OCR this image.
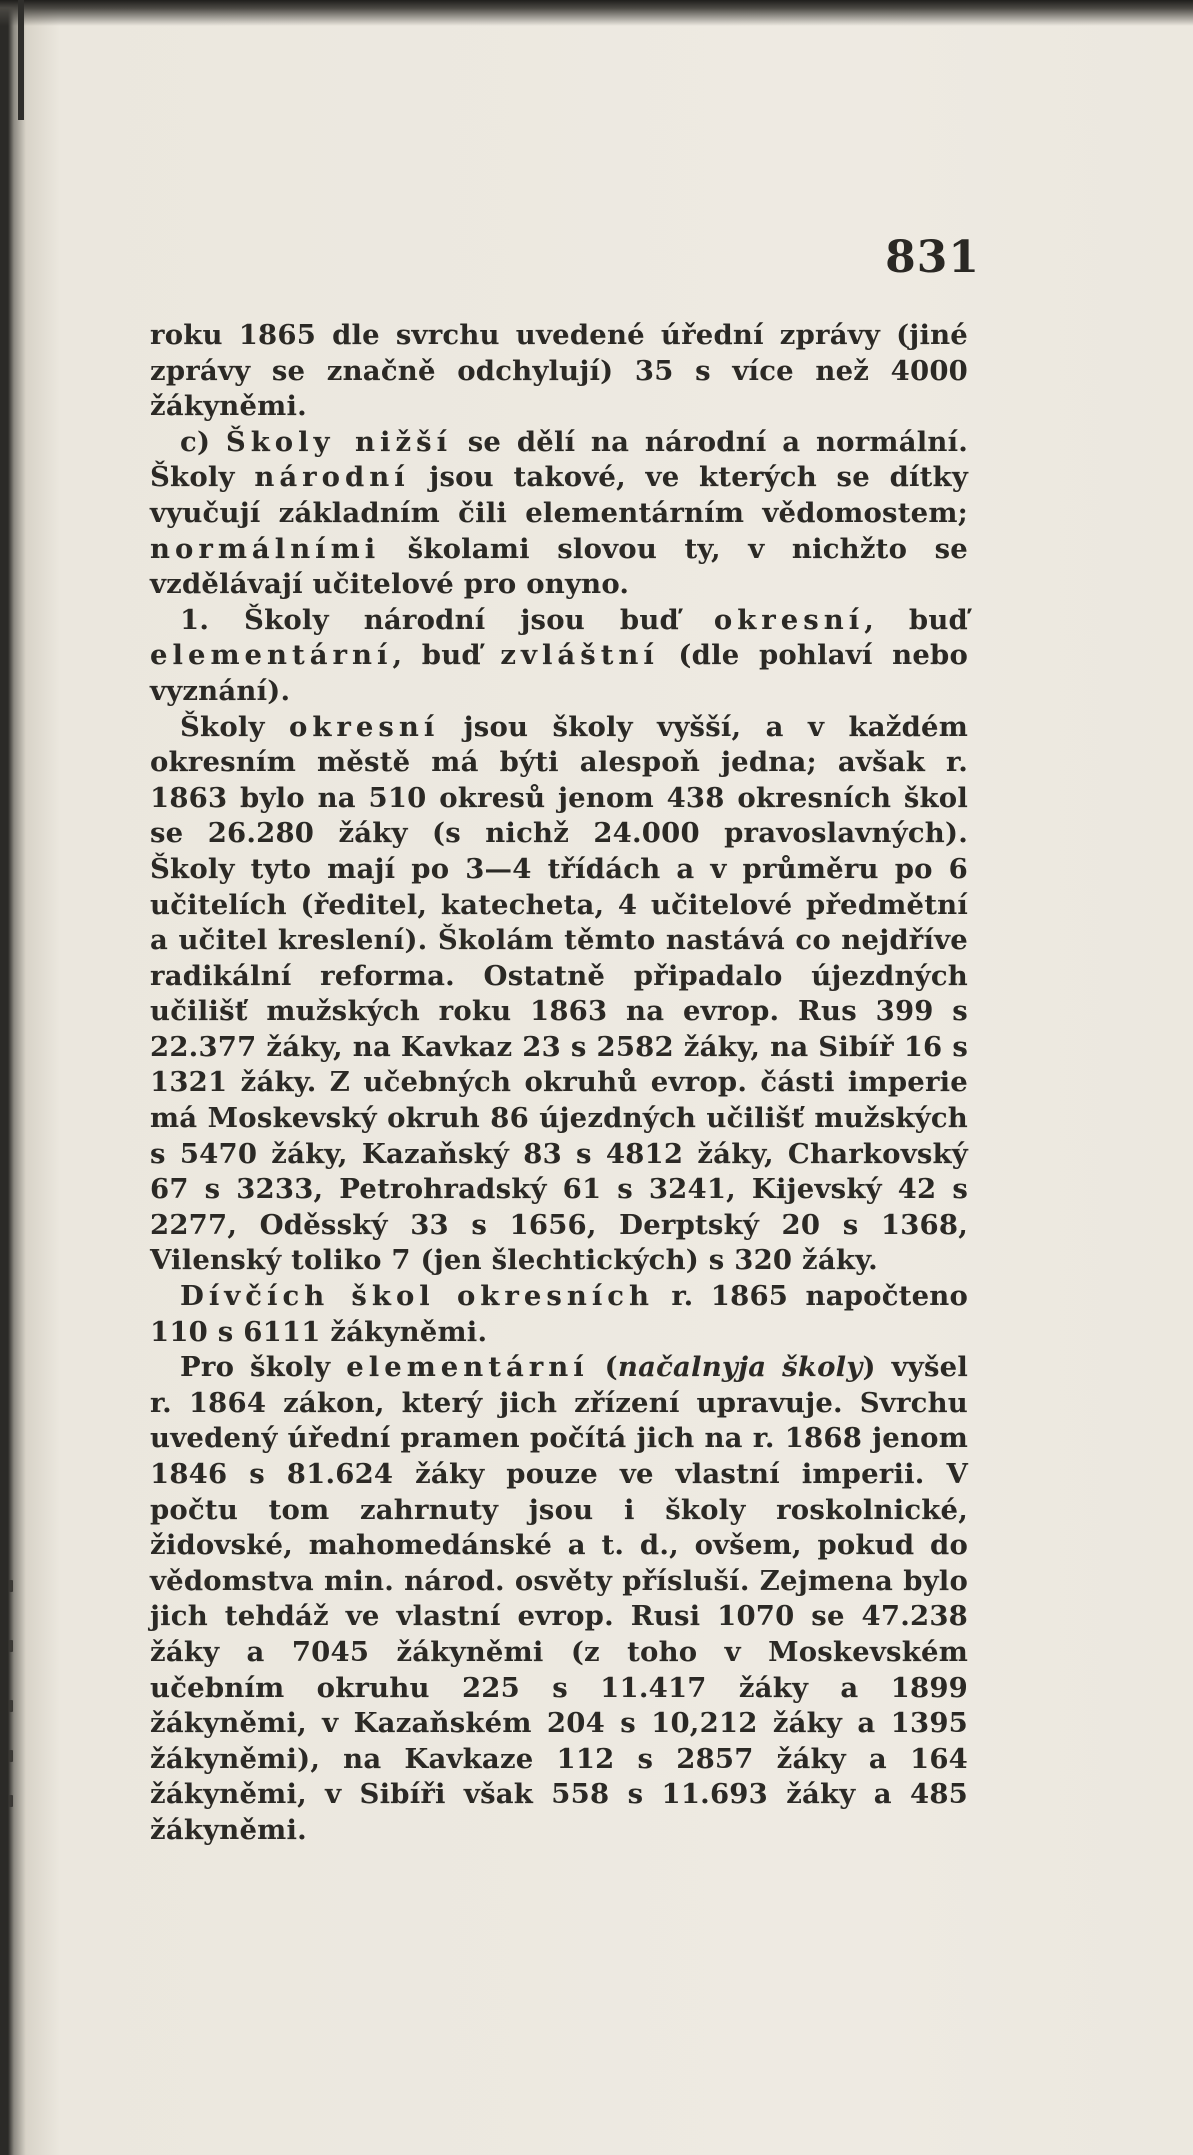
831

roku 1865 dle svrchu uvedené úřední zprávy (jiné zprávy se značně odchylují) 35 s více než 4000 žákyněmi.

c) Školy nižší se dělí na národní a normální. Školy národní jsou takové, ve kterých se dítky vyučují základním čili elementárním vědomostem; normálními školami slovou ty, v nichžto se vzdělávají učitelové pro onyno.

1. Školy národní jsou buď okresní, buď elementární, buď zvláštní (dle pohlaví nebo vyznání).

Školy okresní jsou školy vyšší, a v každém okresním městě má býti alespoň jedna; avšak r. 1863 bylo na 510 okresů jenom 438 okresních škol se 26.280 žáky (s nichž 24.000 pravoslavných). Školy tyto mají po 3—4 třídách a v průměru po 6 učitelích (ředitel, katecheta, 4 učitelové předmětní a učitel kreslení). Školám těmto nastává co nejdříve radikální reforma. Ostatně připadalo újezdných učilišť mužských roku 1863 na evrop. Rus 399 s 22.377 žáky, na Kavkaz 23 s 2582 žáky, na Sibíř 16 s 1321 žáky. Z učebných okruhů evrop. části imperie má Moskevský okruh 86 újezdných učilišť mužských s 5470 žáky, Kazaňský 83 s 4812 žáky, Charkovský 67 s 3233, Petrohradský 61 s 3241, Kijevský 42 s 2277, Oděsský 33 s 1656, Derptský 20 s 1368, Vilenský toliko 7 (jen šlechtických) s 320 žáky.

Dívčích škol okresních r. 1865 napočteno 110 s 6111 žákyněmi.

Pro školy elementární (načalnyja školy) vyšel r. 1864 zákon, který jich zřízení upravuje. Svrchu uvedený úřední pramen počítá jich na r. 1868 jenom 1846 s 81.624 žáky pouze ve vlastní imperii. V počtu tom zahrnuty jsou i školy roskolnické, židovské, mahomedánské a t. d., ovšem, pokud do vědomstva min. národ. osvěty přísluší. Zejmena bylo jich tehdáž ve vlastní evrop. Rusi 1070 se 47.238 žáky a 7045 žákyněmi (z toho v Moskevském učebním okruhu 225 s 11.417 žáky a 1899 žákyněmi, v Kazaňském 204 s 10,212 žáky a 1395 žákyněmi), na Kavkaze 112 s 2857 žáky a 164 žákyněmi, v Sibíři však 558 s 11.693 žáky a 485 žákyněmi.
